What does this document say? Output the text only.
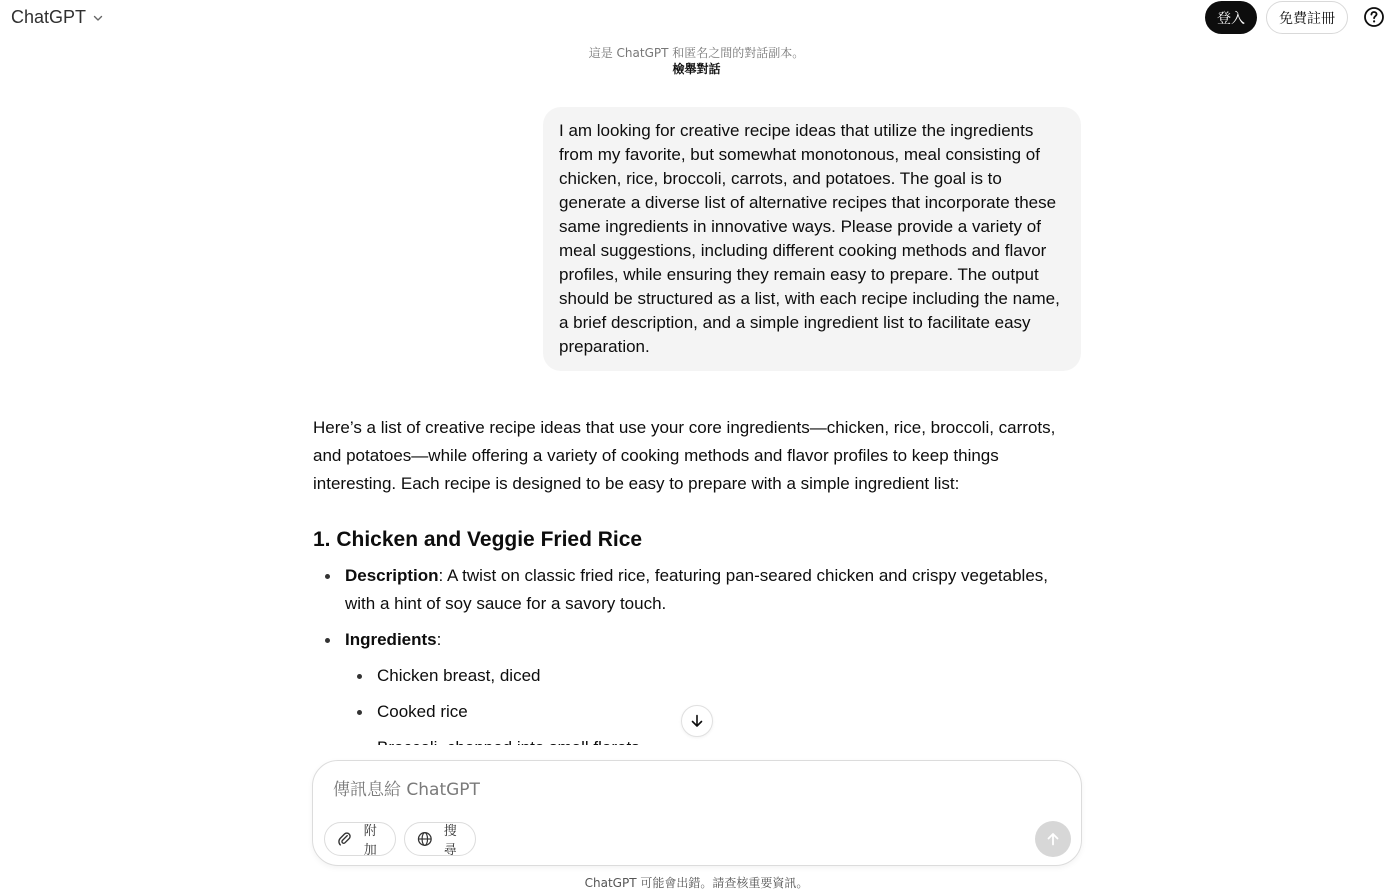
ChatGPT	登入	免費註冊
這是 ChatGPT 和匿名之間的對話副本。
檢舉對話
I am looking for creative recipe ideas that utilize the ingredients from my favorite, but somewhat monotonous, meal consisting of chicken, rice, broccoli, carrots, and potatoes. The goal is to generate a diverse list of alternative recipes that incorporate these same ingredients in innovative ways. Please provide a variety of meal suggestions, including different cooking methods and flavor profiles, while ensuring they remain easy to prepare. The output should be structured as a list, with each recipe including the name, a brief description, and a simple ingredient list to facilitate easy preparation.

Here’s a list of creative recipe ideas that use your core ingredients—chicken, rice, broccoli, carrots, and potatoes—while offering a variety of cooking methods and flavor profiles to keep things interesting. Each recipe is designed to be easy to prepare with a simple ingredient list:

1. Chicken and Veggie Fried Rice
Description: A twist on classic fried rice, featuring pan-seared chicken and crispy vegetables, with a hint of soy sauce for a savory touch.
Ingredients:
Chicken breast, diced
Cooked rice
傳訊息給 ChatGPT
附加
搜尋
ChatGPT 可能會出錯。請查核重要資訊。
